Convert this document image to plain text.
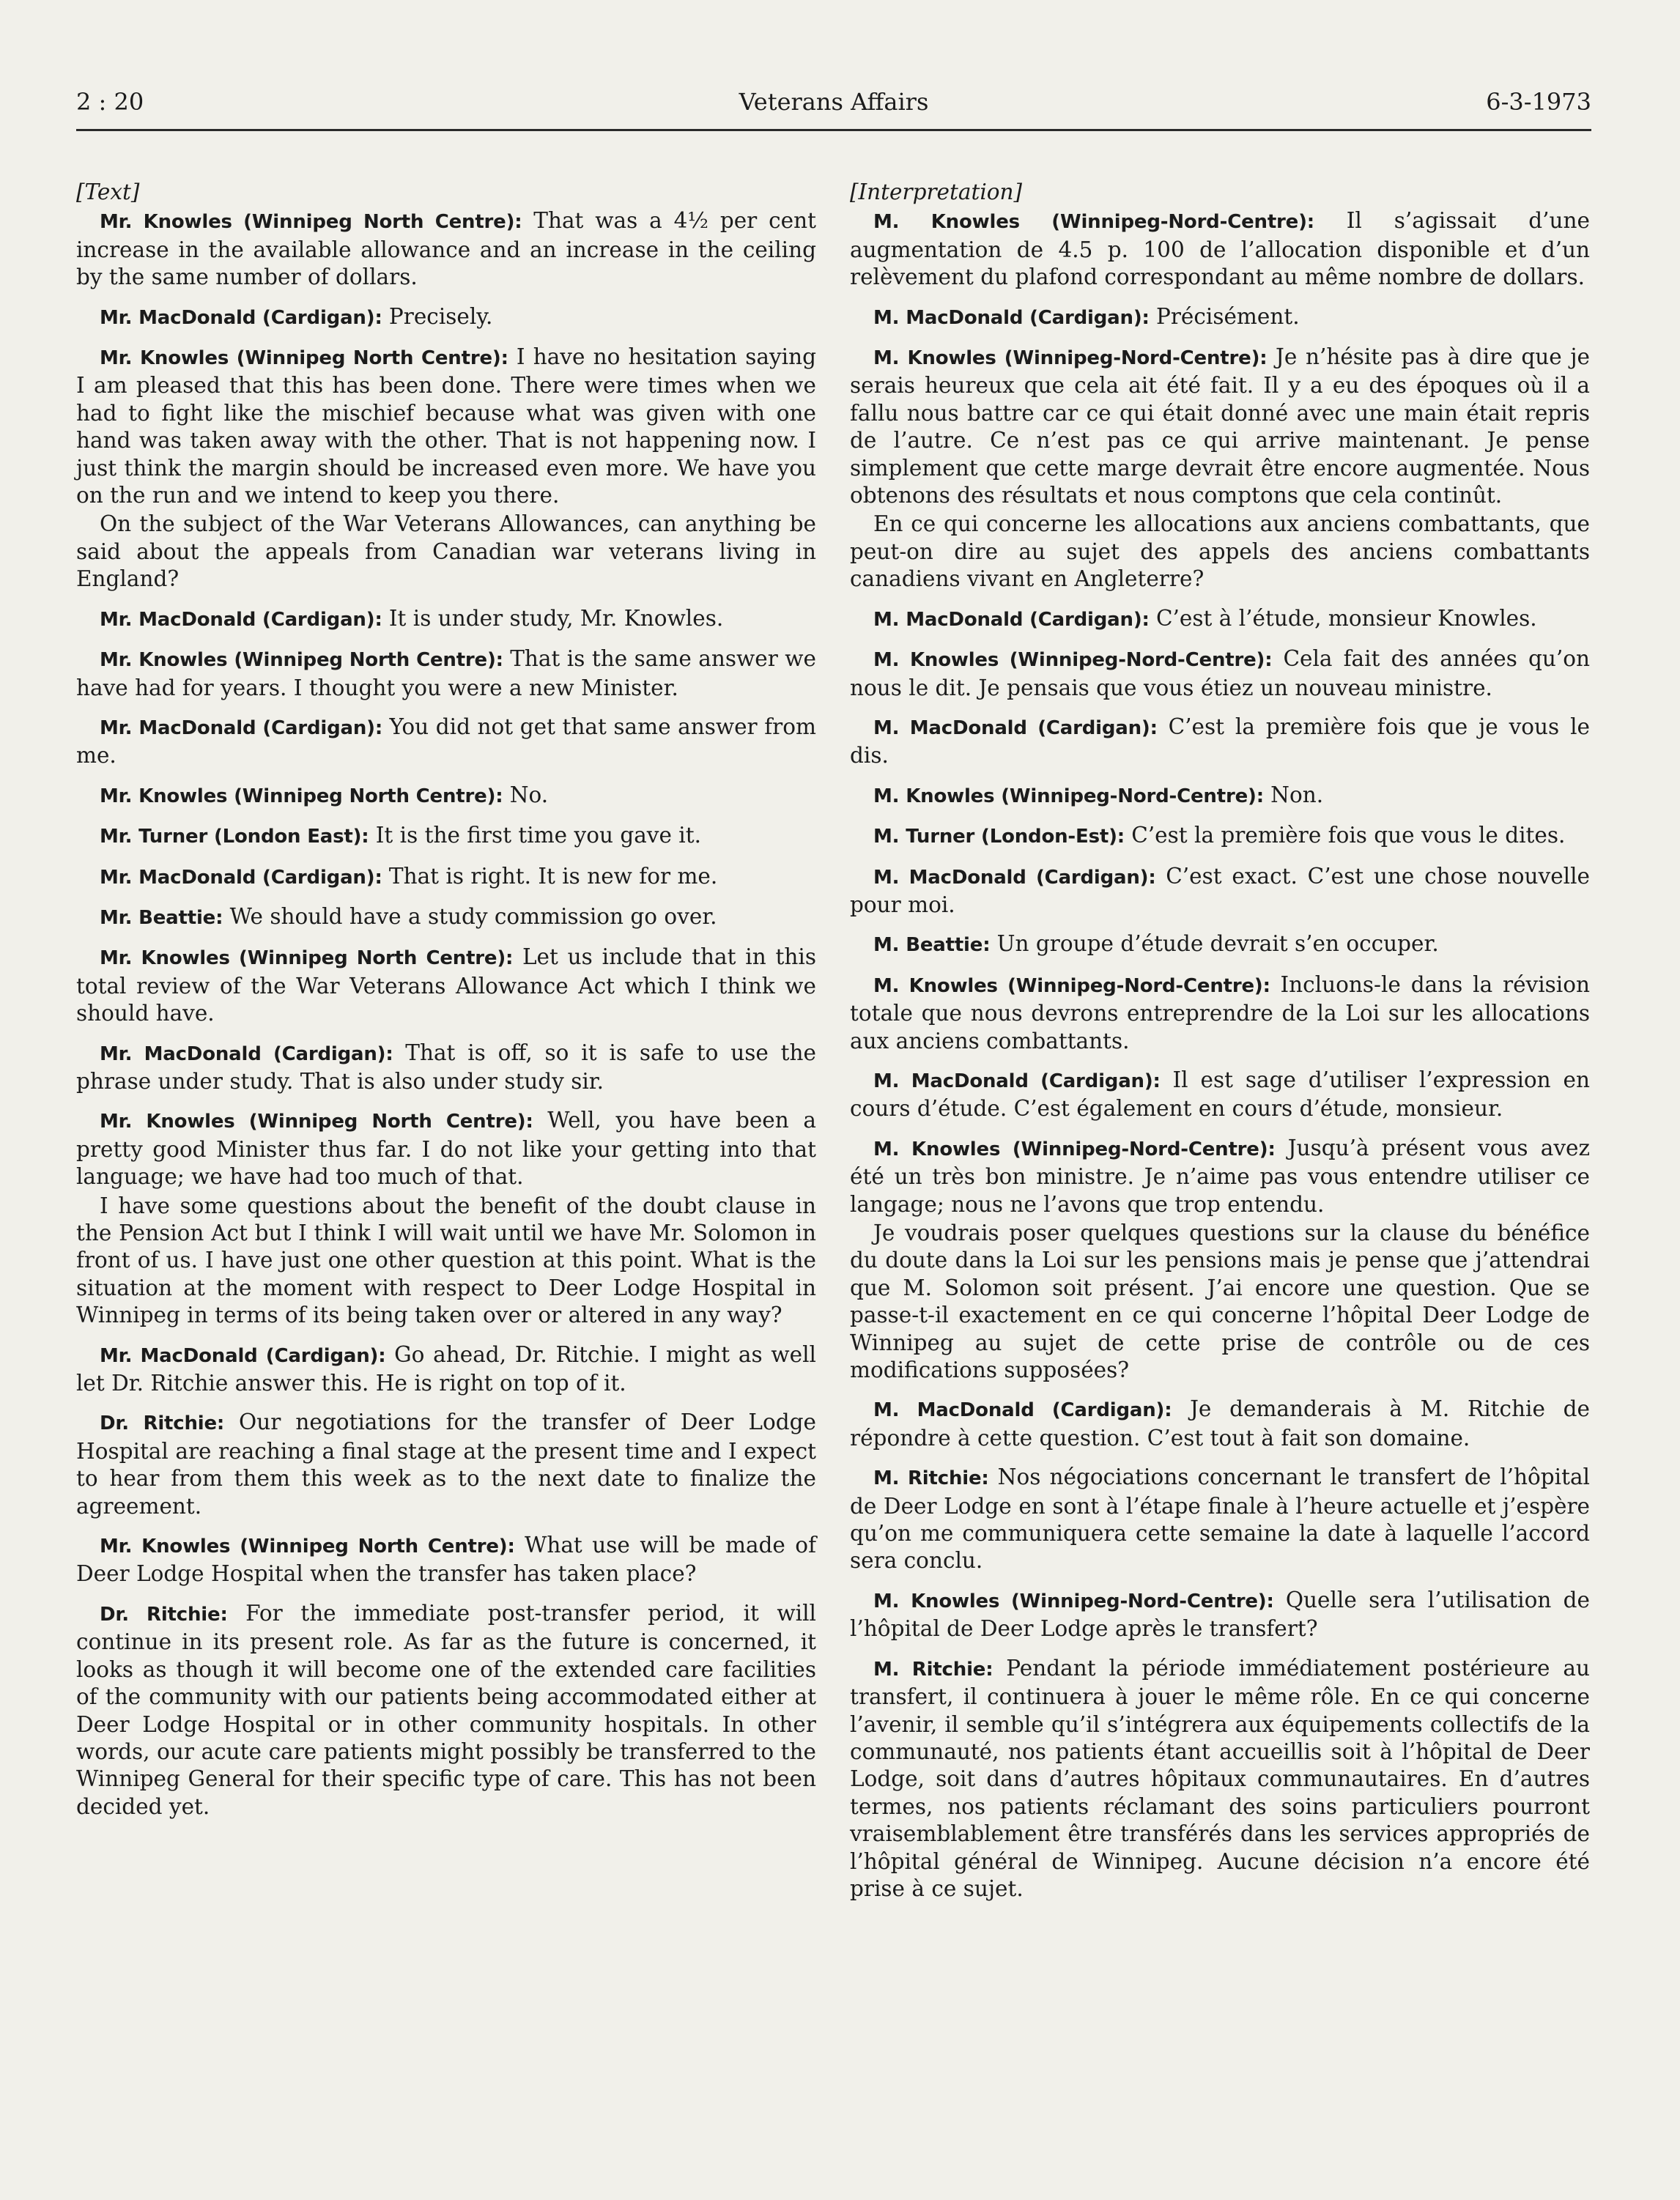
2 : 20	Veterans Affairs	6-3-1973
[Text]

Mr. Knowles (Winnipeg North Centre): That was a 4½ per cent increase in the available allowance and an increase in the ceiling by the same number of dollars.

Mr. MacDonald (Cardigan): Precisely.

Mr. Knowles (Winnipeg North Centre): I have no hesitation saying I am pleased that this has been done. There were times when we had to fight like the mischief because what was given with one hand was taken away with the other. That is not happening now. I just think the margin should be increased even more. We have you on the run and we intend to keep you there.

On the subject of the War Veterans Allowances, can anything be said about the appeals from Canadian war veterans living in England?

Mr. MacDonald (Cardigan): It is under study, Mr. Knowles.

Mr. Knowles (Winnipeg North Centre): That is the same answer we have had for years. I thought you were a new Minister.

Mr. MacDonald (Cardigan): You did not get that same answer from me.

Mr. Knowles (Winnipeg North Centre): No.

Mr. Turner (London East): It is the first time you gave it.

Mr. MacDonald (Cardigan): That is right. It is new for me.

Mr. Beattie: We should have a study commission go over.

Mr. Knowles (Winnipeg North Centre): Let us include that in this total review of the War Veterans Allowance Act which I think we should have.

Mr. MacDonald (Cardigan): That is off, so it is safe to use the phrase under study. That is also under study sir.

Mr. Knowles (Winnipeg North Centre): Well, you have been a pretty good Minister thus far. I do not like your getting into that language; we have had too much of that.

I have some questions about the benefit of the doubt clause in the Pension Act but I think I will wait until we have Mr. Solomon in front of us. I have just one other question at this point. What is the situation at the moment with respect to Deer Lodge Hospital in Winnipeg in terms of its being taken over or altered in any way?

Mr. MacDonald (Cardigan): Go ahead, Dr. Ritchie. I might as well let Dr. Ritchie answer this. He is right on top of it.

Dr. Ritchie: Our negotiations for the transfer of Deer Lodge Hospital are reaching a final stage at the present time and I expect to hear from them this week as to the next date to finalize the agreement.

Mr. Knowles (Winnipeg North Centre): What use will be made of Deer Lodge Hospital when the transfer has taken place?

Dr. Ritchie: For the immediate post-transfer period, it will continue in its present role. As far as the future is concerned, it looks as though it will become one of the extended care facilities of the community with our patients being accommodated either at Deer Lodge Hospital or in other community hospitals. In other words, our acute care patients might possibly be transferred to the Winnipeg General for their specific type of care. This has not been decided yet.

[Interpretation]

M. Knowles (Winnipeg-Nord-Centre): Il s’agissait d’une augmentation de 4.5 p. 100 de l’allocation disponible et d’un relèvement du plafond correspondant au même nombre de dollars.

M. MacDonald (Cardigan): Précisément.

M. Knowles (Winnipeg-Nord-Centre): Je n’hésite pas à dire que je serais heureux que cela ait été fait. Il y a eu des époques où il a fallu nous battre car ce qui était donné avec une main était repris de l’autre. Ce n’est pas ce qui arrive maintenant. Je pense simplement que cette marge devrait être encore augmentée. Nous obtenons des résultats et nous comptons que cela continût.

En ce qui concerne les allocations aux anciens combattants, que peut-on dire au sujet des appels des anciens combattants canadiens vivant en Angleterre?

M. MacDonald (Cardigan): C’est à l’étude, monsieur Knowles.

M. Knowles (Winnipeg-Nord-Centre): Cela fait des années qu’on nous le dit. Je pensais que vous étiez un nouveau ministre.

M. MacDonald (Cardigan): C’est la première fois que je vous le dis.

M. Knowles (Winnipeg-Nord-Centre): Non.

M. Turner (London-Est): C’est la première fois que vous le dites.

M. MacDonald (Cardigan): C’est exact. C’est une chose nouvelle pour moi.

M. Beattie: Un groupe d’étude devrait s’en occuper.

M. Knowles (Winnipeg-Nord-Centre): Incluons-le dans la révision totale que nous devrons entreprendre de la Loi sur les allocations aux anciens combattants.

M. MacDonald (Cardigan): Il est sage d’utiliser l’expression en cours d’étude. C’est également en cours d’étude, monsieur.

M. Knowles (Winnipeg-Nord-Centre): Jusqu’à présent vous avez été un très bon ministre. Je n’aime pas vous entendre utiliser ce langage; nous ne l’avons que trop entendu.

Je voudrais poser quelques questions sur la clause du bénéfice du doute dans la Loi sur les pensions mais je pense que j’attendrai que M. Solomon soit présent. J’ai encore une question. Que se passe-t-il exactement en ce qui concerne l’hôpital Deer Lodge de Winnipeg au sujet de cette prise de contrôle ou de ces modifications supposées?

M. MacDonald (Cardigan): Je demanderais à M. Ritchie de répondre à cette question. C’est tout à fait son domaine.

M. Ritchie: Nos négociations concernant le transfert de l’hôpital de Deer Lodge en sont à l’étape finale à l’heure actuelle et j’espère qu’on me communiquera cette semaine la date à laquelle l’accord sera conclu.

M. Knowles (Winnipeg-Nord-Centre): Quelle sera l’utilisation de l’hôpital de Deer Lodge après le transfert?

M. Ritchie: Pendant la période immédiatement postérieure au transfert, il continuera à jouer le même rôle. En ce qui concerne l’avenir, il semble qu’il s’intégrera aux équipements collectifs de la communauté, nos patients étant accueillis soit à l’hôpital de Deer Lodge, soit dans d’autres hôpitaux communautaires. En d’autres termes, nos patients réclamant des soins particuliers pourront vraisemblablement être transférés dans les services appropriés de l’hôpital général de Winnipeg. Aucune décision n’a encore été prise à ce sujet.
